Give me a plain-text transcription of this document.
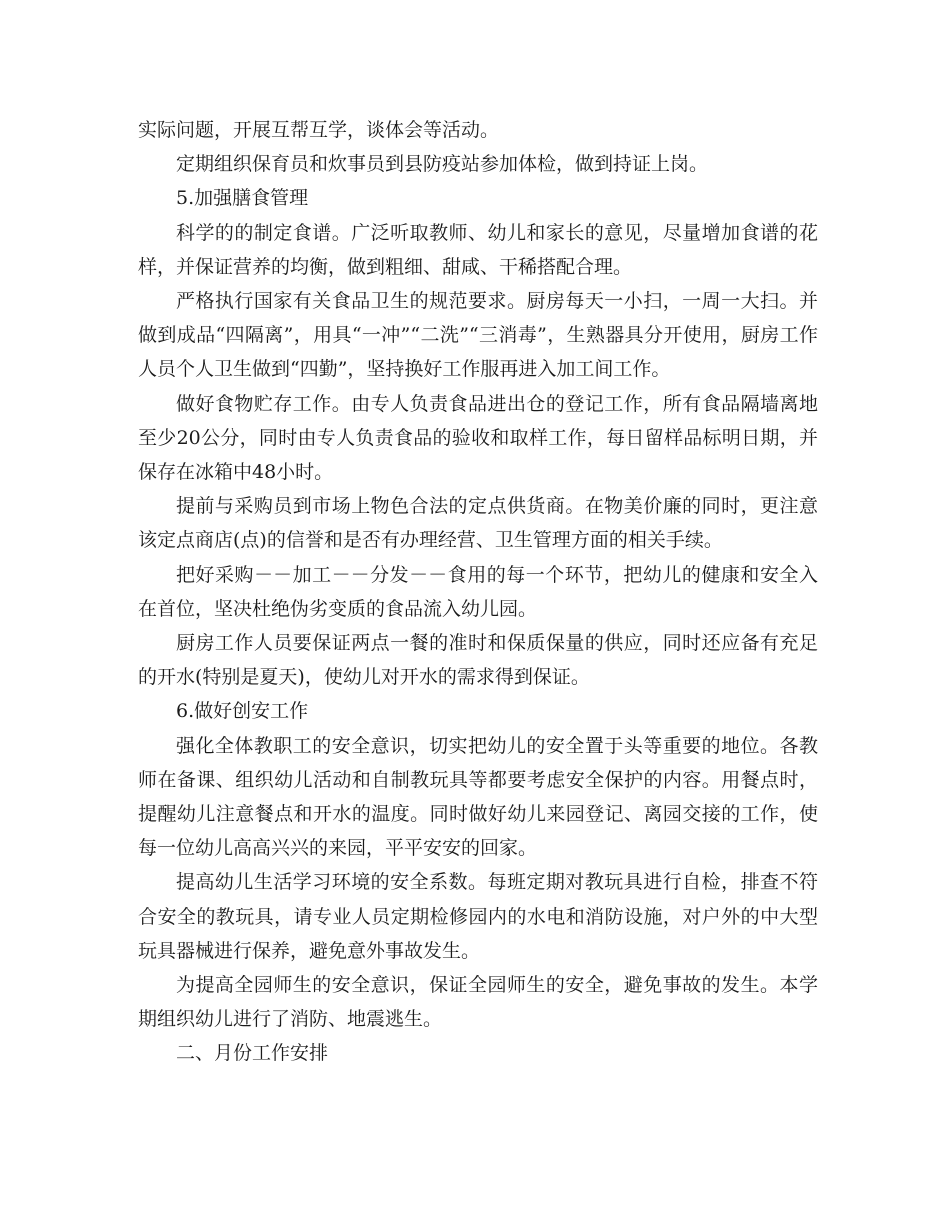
实际问题，开展互帮互学，谈体会等活动。

定期组织保育员和炊事员到县防疫站参加体检，做到持证上岗。

5.加强膳食管理

科学的的制定食谱。广泛听取教师、幼儿和家长的意见，尽量增加食谱的花样，并保证营养的均衡，做到粗细、甜咸、干稀搭配合理。

严格执行国家有关食品卫生的规范要求。厨房每天一小扫，一周一大扫。并做到成品“四隔离”，用具“一冲”“二洗”“三消毒”，生熟器具分开使用，厨房工作人员个人卫生做到“四勤”，坚持换好工作服再进入加工间工作。

做好食物贮存工作。由专人负责食品进出仓的登记工作，所有食品隔墙离地至少20公分，同时由专人负责食品的验收和取样工作，每日留样品标明日期，并保存在冰箱中48小时。

提前与采购员到市场上物色合法的定点供货商。在物美价廉的同时，更注意该定点商店(点)的信誉和是否有办理经营、卫生管理方面的相关手续。

把好采购－－加工－－分发－－食用的每一个环节，把幼儿的健康和安全入在首位，坚决杜绝伪劣变质的食品流入幼儿园。

厨房工作人员要保证两点一餐的准时和保质保量的供应，同时还应备有充足的开水(特别是夏天)，使幼儿对开水的需求得到保证。

6.做好创安工作

强化全体教职工的安全意识，切实把幼儿的安全置于头等重要的地位。各教师在备课、组织幼儿活动和自制教玩具等都要考虑安全保护的内容。用餐点时，提醒幼儿注意餐点和开水的温度。同时做好幼儿来园登记、离园交接的工作，使每一位幼儿高高兴兴的来园，平平安安的回家。

提高幼儿生活学习环境的安全系数。每班定期对教玩具进行自检，排查不符合安全的教玩具，请专业人员定期检修园内的水电和消防设施，对户外的中大型玩具器械进行保养，避免意外事故发生。

为提高全园师生的安全意识，保证全园师生的安全，避免事故的发生。本学期组织幼儿进行了消防、地震逃生。

二、月份工作安排
